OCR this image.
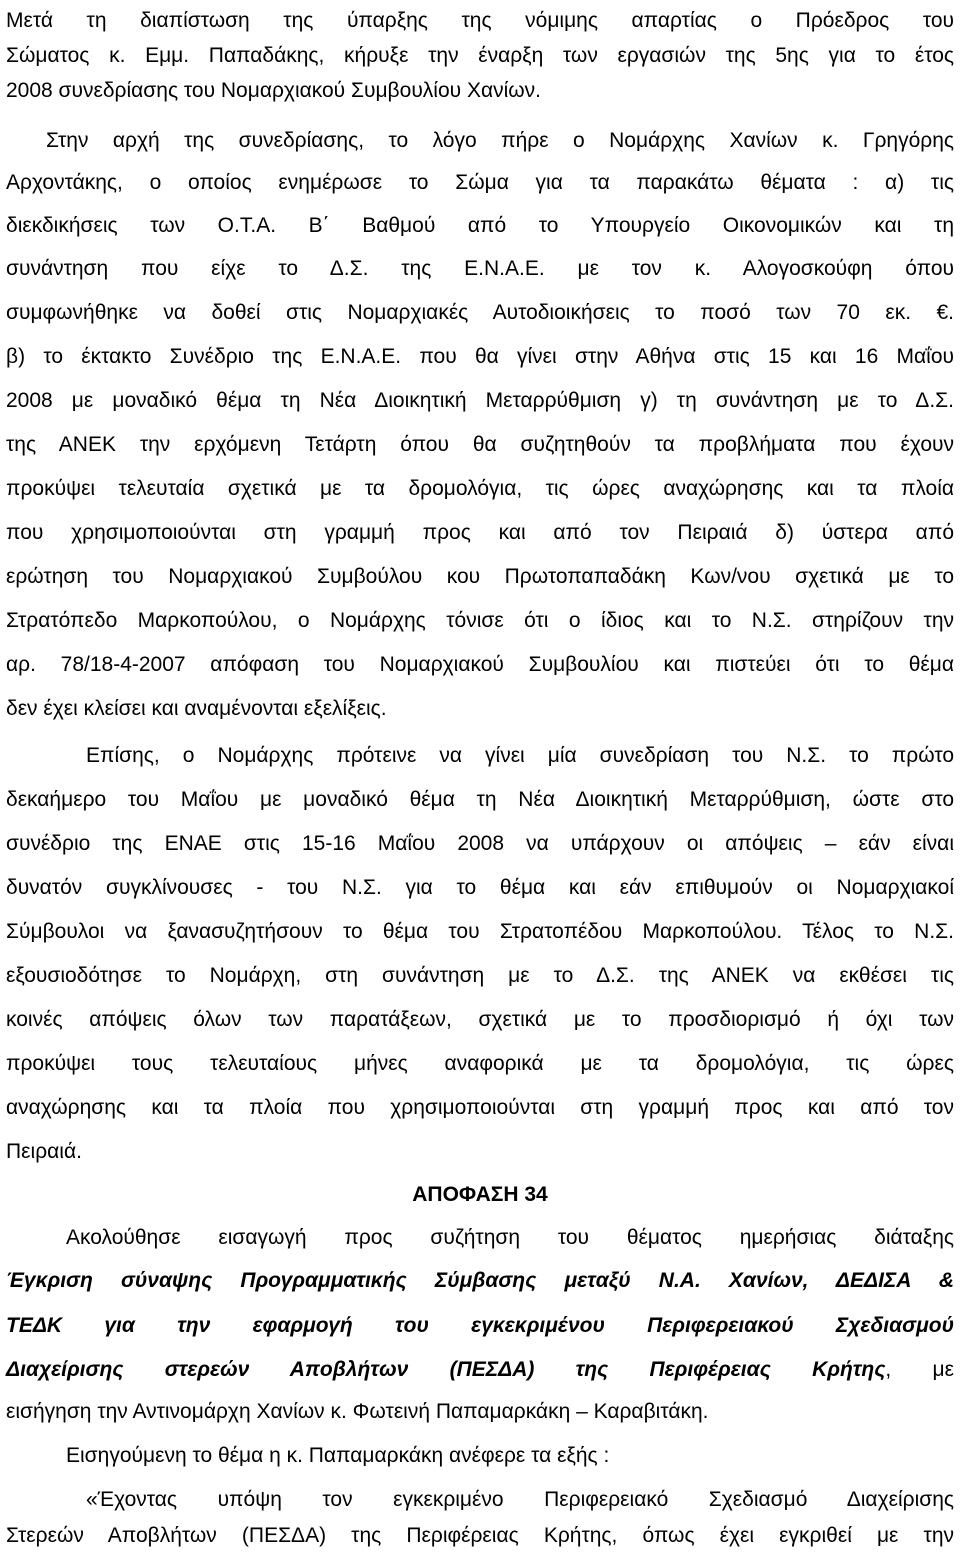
Μετά τη διαπίστωση της ύπαρξης της νόμιμης απαρτίας ο Πρόεδρος του
Σώματος κ. Εμμ. Παπαδάκης, κήρυξε την έναρξη των εργασιών της 5ης για το έτος
2008 συνεδρίασης του Νομαρχιακού Συμβουλίου Χανίων.
Στην αρχή της συνεδρίασης, το λόγο πήρε ο Νομάρχης Χανίων κ. Γρηγόρης
Αρχοντάκης, ο οποίος ενημέρωσε το Σώμα για τα παρακάτω θέματα : α) τις
διεκδικήσεις των Ο.Τ.Α. Β΄ Βαθμού από το Υπουργείο Οικονομικών και τη
συνάντηση που είχε το Δ.Σ. της Ε.Ν.Α.Ε. με τον κ. Αλογοσκούφη όπου
συμφωνήθηκε να δοθεί στις Νομαρχιακές Αυτοδιοικήσεις το ποσό των 70 εκ. €.
β) το έκτακτο Συνέδριο της Ε.Ν.Α.Ε. που θα γίνει στην Αθήνα στις 15 και 16 Μαΐου
2008 με μοναδικό θέμα τη Νέα Διοικητική Μεταρρύθμιση γ) τη συνάντηση με το Δ.Σ.
της ΑΝΕΚ την ερχόμενη Τετάρτη όπου θα συζητηθούν τα προβλήματα που έχουν
προκύψει τελευταία σχετικά με τα δρομολόγια, τις ώρες αναχώρησης και τα πλοία
που χρησιμοποιούνται στη γραμμή προς και από τον Πειραιά δ) ύστερα από
ερώτηση του Νομαρχιακού Συμβούλου κου Πρωτοπαπαδάκη Κων/νου σχετικά με το
Στρατόπεδο Μαρκοπούλου, ο Νομάρχης τόνισε ότι ο ίδιος και το Ν.Σ. στηρίζουν την
αρ. 78/18-4-2007 απόφαση του Νομαρχιακού Συμβουλίου και πιστεύει ότι το θέμα
δεν έχει κλείσει και αναμένονται εξελίξεις.
Επίσης, ο Νομάρχης πρότεινε να γίνει μία συνεδρίαση του Ν.Σ. το πρώτο
δεκαήμερο του Μαΐου με μοναδικό θέμα τη Νέα Διοικητική Μεταρρύθμιση, ώστε στο
συνέδριο της ΕΝΑΕ στις 15-16 Μαΐου 2008 να υπάρχουν οι απόψεις – εάν είναι
δυνατόν συγκλίνουσες - του Ν.Σ. για το θέμα και εάν επιθυμούν οι Νομαρχιακοί
Σύμβουλοι να ξανασυζητήσουν το θέμα του Στρατοπέδου Μαρκοπούλου. Τέλος το Ν.Σ.
εξουσιοδότησε το Νομάρχη, στη συνάντηση με το Δ.Σ. της ΑΝΕΚ να εκθέσει τις
κοινές απόψεις όλων των παρατάξεων, σχετικά με το προσδιορισμό ή όχι των
προκύψει τους τελευταίους μήνες αναφορικά με τα δρομολόγια, τις ώρες
αναχώρησης και τα πλοία που χρησιμοποιούνται στη γραμμή προς και από τον
Πειραιά.
ΑΠΟΦΑΣΗ 34
Ακολούθησε εισαγωγή προς συζήτηση του θέματος ημερήσιας διάταξης
Έγκριση σύναψης Προγραμματικής Σύμβασης μεταξύ Ν.Α. Χανίων, ΔΕΔΙΣΑ &
ΤΕΔΚ για την εφαρμογή του εγκεκριμένου Περιφερειακού Σχεδιασμού
Διαχείρισης στερεών Αποβλήτων (ΠΕΣΔΑ) της Περιφέρειας Κρήτης, με
εισήγηση την Αντινομάρχη Χανίων κ. Φωτεινή Παπαμαρκάκη – Καραβιτάκη.
Εισηγούμενη το θέμα η κ. Παπαμαρκάκη ανέφερε τα εξής :
«Έχοντας υπόψη τον εγκεκριμένο Περιφερειακό Σχεδιασμό Διαχείρισης
Στερεών Αποβλήτων (ΠΕΣΔΑ) της Περιφέρειας Κρήτης, όπως έχει εγκριθεί με την
